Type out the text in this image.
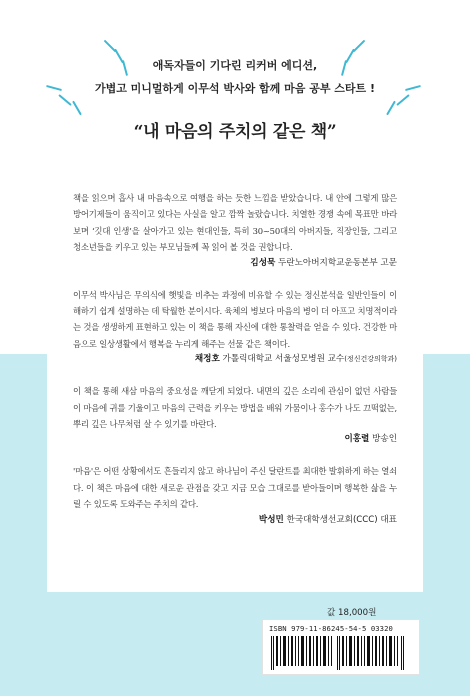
애독자들이 기다린 리커버 에디션,
가볍고 미니멀하게 이무석 박사와 함께 마음 공부 스타트 !
“내 마음의 주치의 같은 책”

책을 읽으며 흡사 내 마음속으로 여행을 하는 듯한 느낌을 받았습니다. 내 안에 그렇게 많은 방어기제들이 움직이고 있다는 사실을 알고 깜짝 놀랐습니다. 치열한 경쟁 속에 목표만 바라보며 ‘깃대 인생’을 살아가고 있는 현대인들, 특히 30~50대의 아버지들, 직장인들, 그리고 청소년들을 키우고 있는 부모님들께 꼭 읽어 볼 것을 권합니다.

김성묵 두란노아버지학교운동본부 고문

이무석 박사님은 무의식에 햇빛을 비추는 과정에 비유할 수 있는 정신분석을 일반인들이 이해하기 쉽게 설명하는 데 탁월한 분이시다. 육체의 병보다 마음의 병이 더 아프고 치명적이라는 것을 생생하게 표현하고 있는 이 책을 통해 자신에 대한 통찰력을 얻을 수 있다. 건강한 마음으로 일상생활에서 행복을 누리게 해주는 선물 같은 책이다.

채정호 가톨릭대학교 서울성모병원 교수(정신건강의학과)

이 책을 통해 새삼 마음의 중요성을 깨닫게 되었다. 내면의 깊은 소리에 관심이 없던 사람들이 마음에 귀를 기울이고 마음의 근력을 키우는 방법을 배워 가뭄이나 홍수가 나도 끄떡없는, 뿌리 깊은 나무처럼 살 수 있기를 바란다.

이홍렬 방송인

'마음'은 어떤 상황에서도 흔들리지 않고 하나님이 주신 달란트를 최대한 발휘하게 하는 열쇠다. 이 책은 마음에 대한 새로운 관점을 갖고 지금 모습 그대로를 받아들이며 행복한 삶을 누릴 수 있도록 도와주는 주치의 같다.

박성민 한국대학생선교회(CCC) 대표
값 18,000원
ISBN 979-11-86245-54-5 03320
